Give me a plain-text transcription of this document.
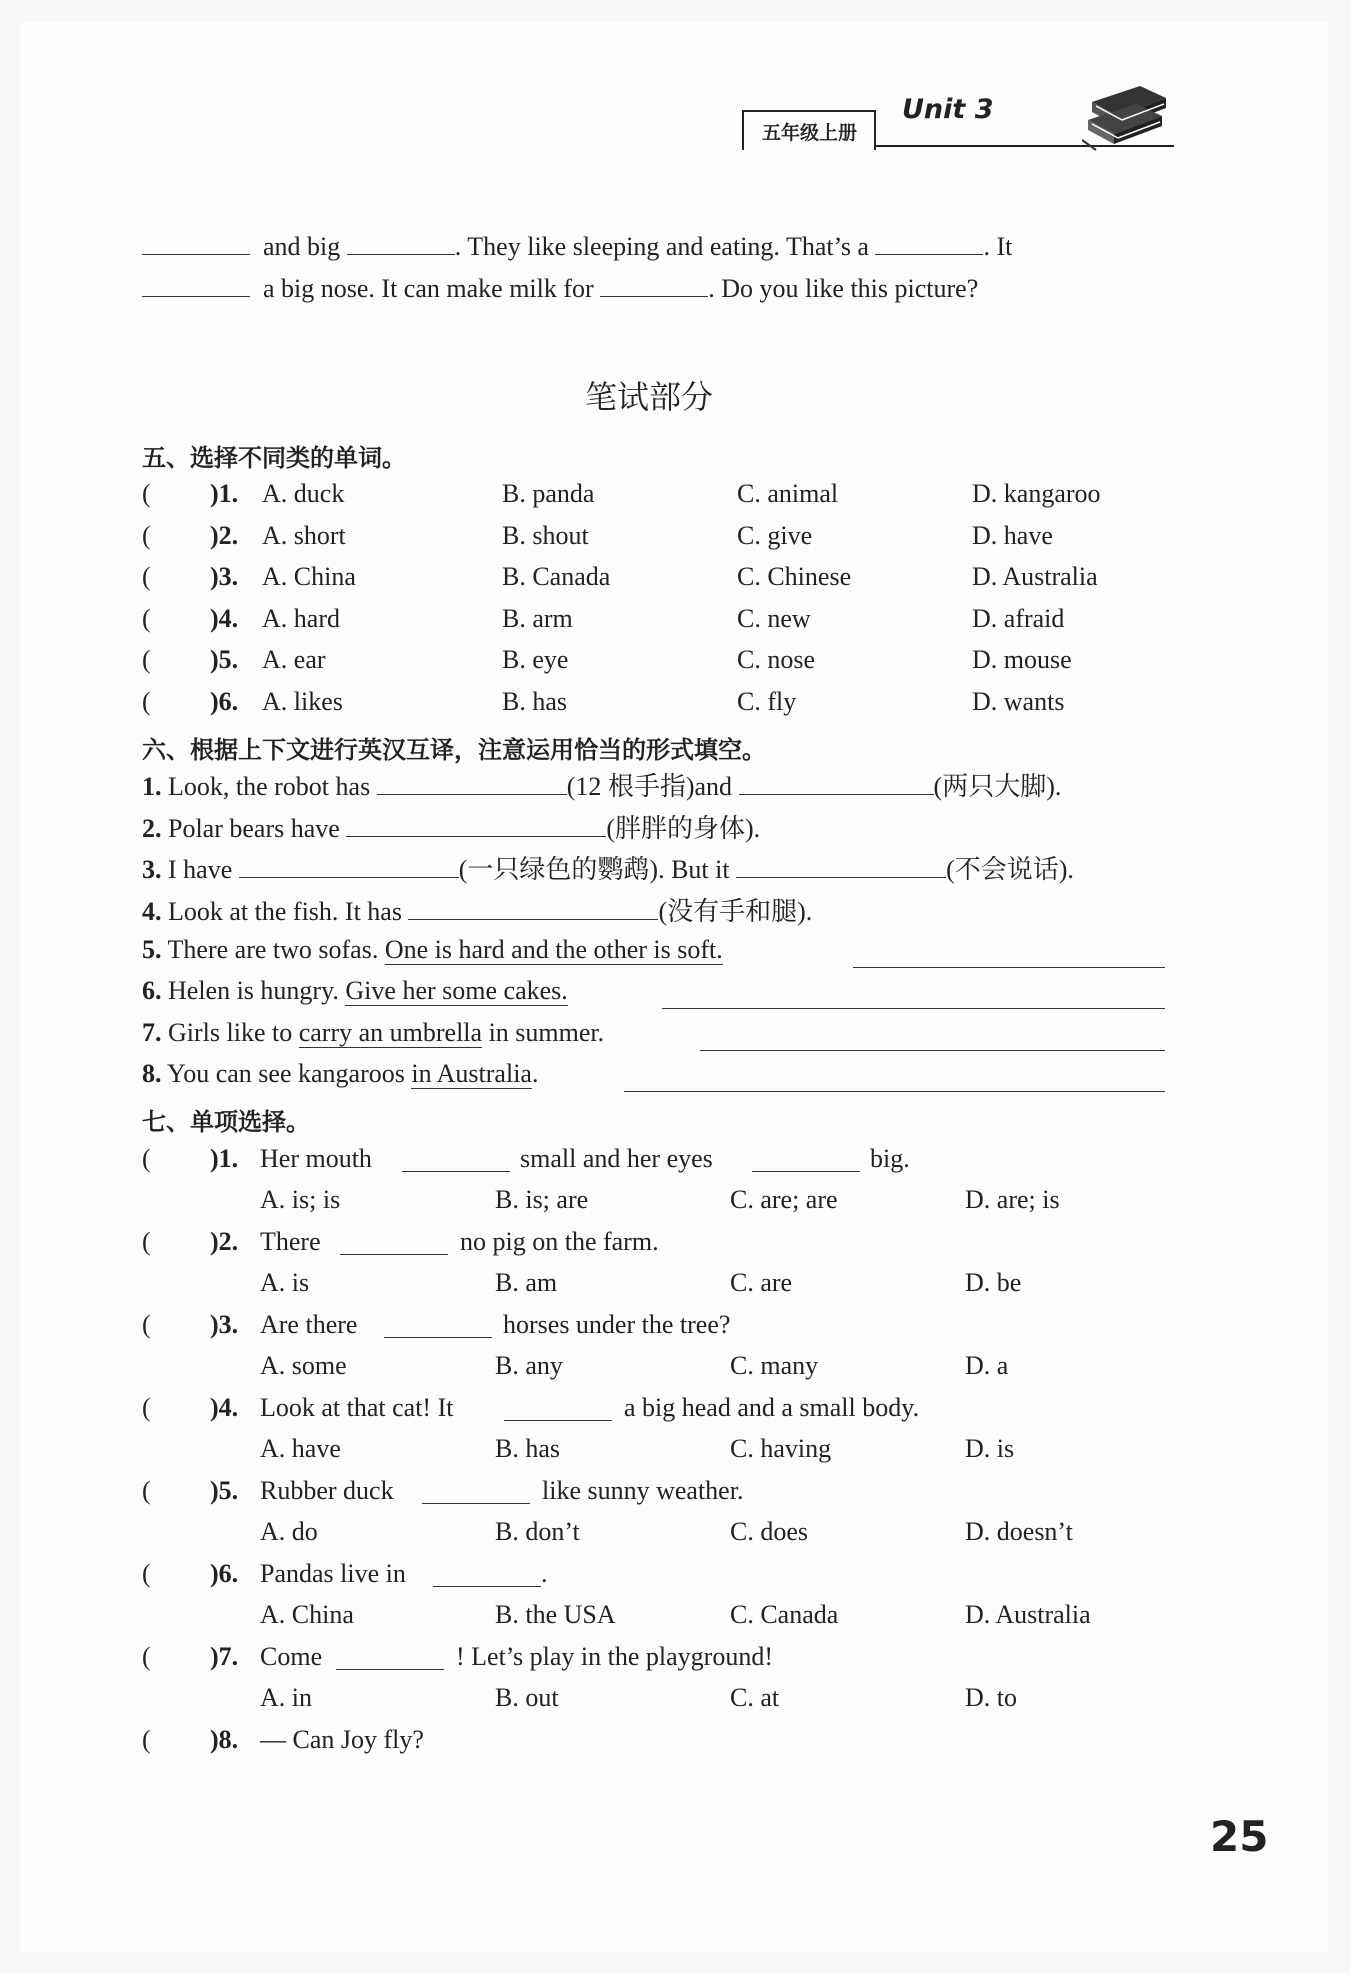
五年级上册
Unit 3
and big	. They like sleeping and eating. That’s a	. It
a big nose. It can make milk for	. Do you like this picture?
笔试部分
五、选择不同类的单词。
( )1. A. duck	B. panda	C. animal	D. kangaroo
( )2. A. short	B. shout	C. give	D. have
( )3. A. China	B. Canada	C. Chinese	D. Australia
( )4. A. hard	B. arm	C. new	D. afraid
( )5. A. ear	B. eye	C. nose	D. mouse
( )6. A. likes	B. has	C. fly	D. wants
六、根据上下文进行英汉互译，注意运用恰当的形式填空。
1. Look, the robot has	(12 根手指)and	(两只大脚).
2. Polar bears have	(胖胖的身体).
3. I have	(一只绿色的鹦鹉). But it	(不会说话).
4. Look at the fish. It has	(没有手和腿).
5. There are two sofas. One is hard and the other is soft.
6. Helen is hungry. Give her some cakes.
7. Girls like to carry an umbrella in summer.
8. You can see kangaroos in Australia.
七、单项选择。
( )1. Her mouth	small and her eyes	big.
A. is; is	B. is; are	C. are; are	D. are; is
( )2. There	no pig on the farm.
A. is	B. am	C. are	D. be
( )3. Are there	horses under the tree?
A. some	B. any	C. many	D. a
( )4. Look at that cat! It	a big head and a small body.
A. have	B. has	C. having	D. is
( )5. Rubber duck	like sunny weather.
A. do	B. don’t	C. does	D. doesn’t
( )6. Pandas live in	.
A. China	B. the USA	C. Canada	D. Australia
( )7. Come	! Let’s play in the playground!
A. in	B. out	C. at	D. to
( )8. — Can Joy fly?
25
